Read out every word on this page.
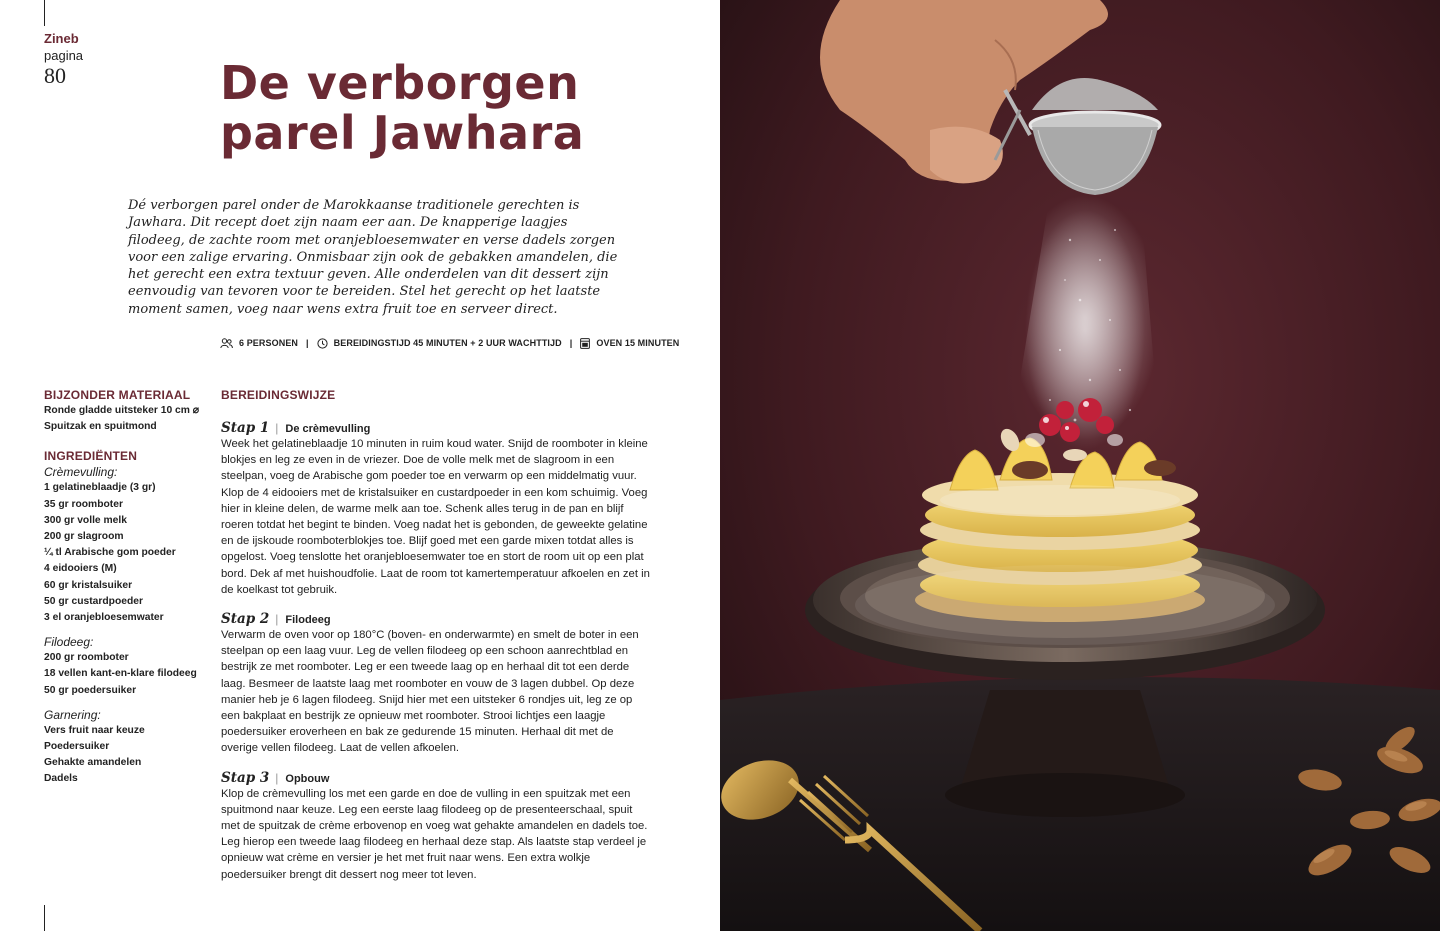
Zineb
pagina
80	De verborgen
parel Jawhara

Dé verborgen parel onder de Marokkaanse traditionele gerechten is Jawhara. Dit recept doet zijn naam eer aan. De knapperige laagjes filodeeg, de zachte room met oranjebloesemwater en verse dadels zorgen voor een zalige ervaring. Onmisbaar zijn ook de gebakken amandelen, die het gerecht een extra textuur geven. Alle onderdelen van dit dessert zijn eenvoudig van tevoren voor te bereiden. Stel het gerecht op het laatste moment samen, voeg naar wens extra fruit toe en serveer direct.

6 PERSONEN |	BEREIDINGSTIJD 45 MINUTEN + 2 UUR WACHTTIJD |	OVEN 15 MINUTEN
BIJZONDER MATERIAAL
Ronde gladde uitsteker 10 cm ⌀
Spuitzak en spuitmond
INGREDIËNTEN
Crèmevulling:
1 gelatineblaadje (3 gr)
35 gr roomboter
300 gr volle melk
200 gr slagroom
¼ tl Arabische gom poeder
4 eidooiers (M)
60 gr kristalsuiker
50 gr custardpoeder
3 el oranjebloesemwater
Filodeeg:
200 gr roomboter
18 vellen kant-en-klare filodeeg
50 gr poedersuiker
Garnering:
Vers fruit naar keuze
Poedersuiker
Gehakte amandelen
Dadels
BEREIDINGSWIJZE
Stap 1 | De crèmevulling

Week het gelatineblaadje 10 minuten in ruim koud water. Snijd de roomboter in kleine blokjes en leg ze even in de vriezer. Doe de volle melk met de slagroom in een steelpan, voeg de Arabische gom poeder toe en verwarm op een middelmatig vuur. Klop de 4 eidooiers met de kristalsuiker en custardpoeder in een kom schuimig. Voeg hier in kleine delen, de warme melk aan toe. Schenk alles terug in de pan en blijf roeren totdat het begint te binden. Voeg nadat het is gebonden, de geweekte gelatine en de ijskoude roomboterblokjes toe. Blijf goed met een garde mixen totdat alles is opgelost. Voeg tenslotte het oranjebloesemwater toe en stort de room uit op een plat bord. Dek af met huishoudfolie. Laat de room tot kamertemperatuur afkoelen en zet in de koelkast tot gebruik.

Stap 2 | Filodeeg

Verwarm de oven voor op 180°C (boven- en onderwarmte) en smelt de boter in een steelpan op een laag vuur. Leg de vellen filodeeg op een schoon aanrechtblad en bestrijk ze met roomboter. Leg er een tweede laag op en herhaal dit tot een derde laag. Besmeer de laatste laag met roomboter en vouw de 3 lagen dubbel. Op deze manier heb je 6 lagen filodeeg. Snijd hier met een uitsteker 6 rondjes uit, leg ze op een bakplaat en bestrijk ze opnieuw met roomboter. Strooi lichtjes een laagje poedersuiker eroverheen en bak ze gedurende 15 minuten. Herhaal dit met de overige vellen filodeeg. Laat de vellen afkoelen.

Stap 3 | Opbouw

Klop de crèmevulling los met een garde en doe de vulling in een spuitzak met een spuitmond naar keuze. Leg een eerste laag filodeeg op de presenteerschaal, spuit met de spuitzak de crème erbovenop en voeg wat gehakte amandelen en dadels toe. Leg hierop een tweede laag filodeeg en herhaal deze stap. Als laatste stap verdeel je opnieuw wat crème en versier je het met fruit naar wens. Een extra wolkje poedersuiker brengt dit dessert nog meer tot leven.
